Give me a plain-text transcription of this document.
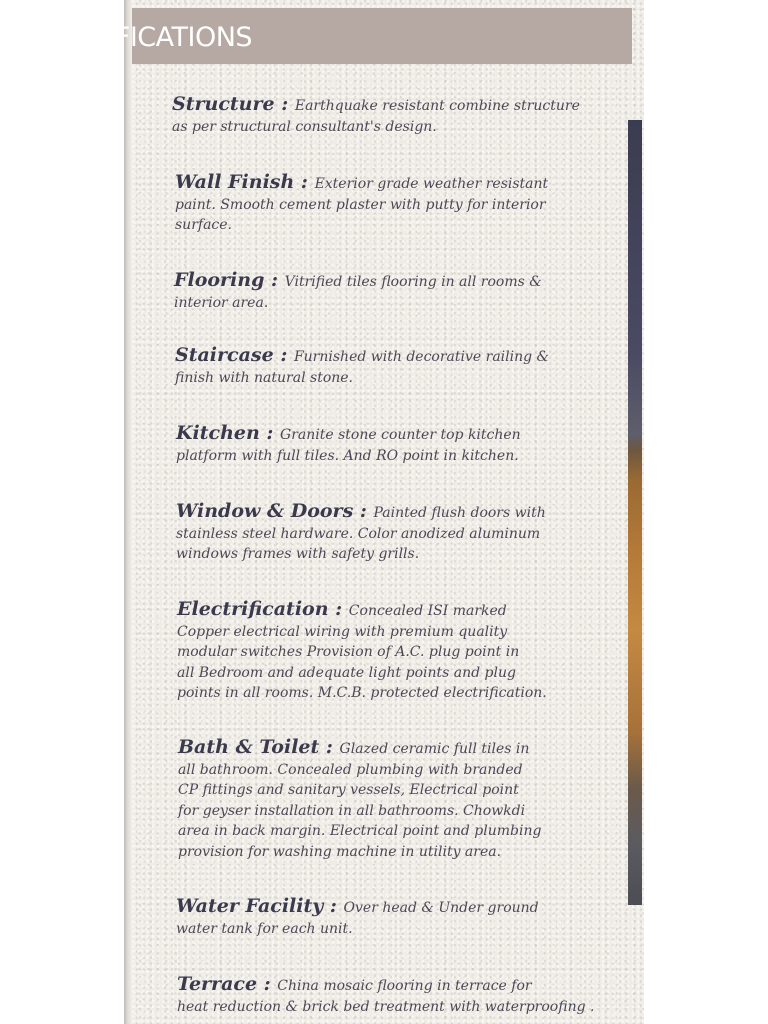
SPECIFICATIONS

Structure : Earthquake resistant combine structure
as per structural consultant's design.

Wall Finish : Exterior grade weather resistant
paint. Smooth cement plaster with putty for interior
surface.

Flooring : Vitrified tiles flooring in all rooms &
interior area.

Staircase : Furnished with decorative railing &
finish with natural stone.

Kitchen : Granite stone counter top kitchen
platform with full tiles. And RO point in kitchen.

Window & Doors : Painted flush doors with
stainless steel hardware. Color anodized aluminum
windows frames with safety grills.

Electrification : Concealed ISI marked
Copper electrical wiring with premium quality
modular switches Provision of A.C. plug point in
all Bedroom and adequate light points and plug
points in all rooms. M.C.B. protected electrification.

Bath & Toilet : Glazed ceramic full tiles in
all bathroom. Concealed plumbing with branded
CP fittings and sanitary vessels, Electrical point
for geyser installation in all bathrooms. Chowkdi
area in back margin. Electrical point and plumbing
provision for washing machine in utility area.

Water Facility : Over head & Under ground
water tank for each unit.

Terrace : China mosaic flooring in terrace for
heat reduction & brick bed treatment with waterproofing .
